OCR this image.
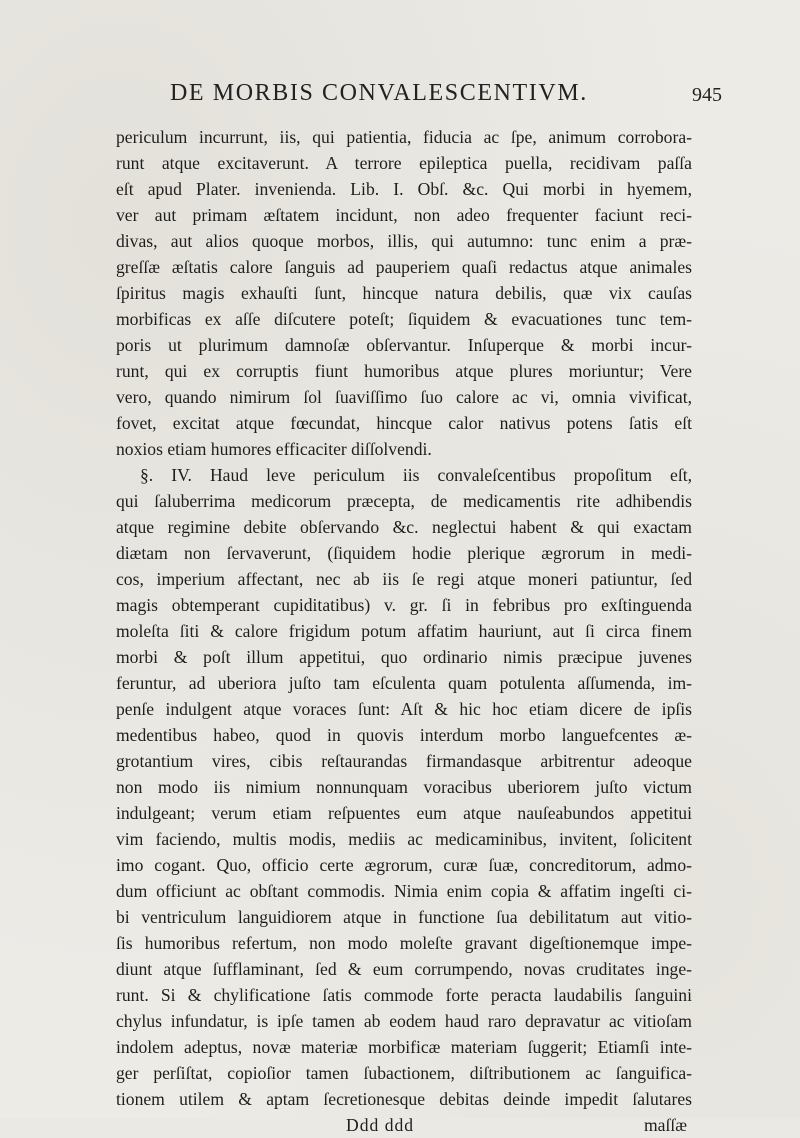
DE MORBIS CONVALESCENTIVM.	945
periculum incurrunt, iis, qui patientia, fiducia ac ſpe, animum corrobora-
runt atque excitaverunt. A terrore epileptica puella, recidivam paſſa
eſt apud Plater. invenienda. Lib. I. Obſ. &c. Qui morbi in hyemem,
ver aut primam æſtatem incidunt, non adeo frequenter faciunt reci-
divas, aut alios quoque morbos, illis, qui autumno: tunc enim a præ-
greſſæ æſtatis calore ſanguis ad pauperiem quaſi redactus atque animales
ſpiritus magis exhauſti ſunt, hincque natura debilis, quæ vix cauſas
morbificas ex aſſe diſcutere poteſt; ſiquidem & evacuationes tunc tem-
poris ut plurimum damnoſæ obſervantur. Inſuperque & morbi incur-
runt, qui ex corruptis fiunt humoribus atque plures moriuntur; Vere
vero, quando nimirum ſol ſuaviſſimo ſuo calore ac vi, omnia vivificat,
fovet, excitat atque fœcundat, hincque calor nativus potens ſatis eſt
noxios etiam humores efficaciter diſſolvendi.
§. IV. Haud leve periculum iis convaleſcentibus propoſitum eſt,
qui ſaluberrima medicorum præcepta, de medicamentis rite adhibendis
atque regimine debite obſervando &c. neglectui habent & qui exactam
diætam non ſervaverunt, (ſiquidem hodie plerique ægrorum in medi-
cos, imperium affectant, nec ab iis ſe regi atque moneri patiuntur, ſed
magis obtemperant cupiditatibus) v. gr. ſi in febribus pro exſtinguenda
moleſta ſiti & calore frigidum potum affatim hauriunt, aut ſi circa finem
morbi & poſt illum appetitui, quo ordinario nimis præcipue juvenes
feruntur, ad uberiora juſto tam eſculenta quam potulenta aſſumenda, im-
penſe indulgent atque voraces ſunt: Aſt & hic hoc etiam dicere de ipſis
medentibus habeo, quod in quovis interdum morbo languefcentes æ-
grotantium vires, cibis reſtaurandas firmandasque arbitrentur adeoque
non modo iis nimium nonnunquam voracibus uberiorem juſto victum
indulgeant; verum etiam reſpuentes eum atque nauſeabundos appetitui
vim faciendo, multis modis, mediis ac medicaminibus, invitent, ſolicitent
imo cogant. Quo, officio certe ægrorum, curæ ſuæ, concreditorum, admo-
dum officiunt ac obſtant commodis. Nimia enim copia & affatim ingeſti ci-
bi ventriculum languidiorem atque in functione ſua debilitatum aut vitio-
ſis humoribus refertum, non modo moleſte gravant digeſtionemque impe-
diunt atque ſufflaminant, ſed & eum corrumpendo, novas cruditates inge-
runt. Si & chylificatione ſatis commode forte peracta laudabilis ſanguini
chylus infundatur, is ipſe tamen ab eodem haud raro depravatur ac vitioſam
indolem adeptus, novæ materiæ morbificæ materiam ſuggerit; Etiamſi inte-
ger perſiſtat, copioſior tamen ſubactionem, diſtributionem ac ſanguifica-
tionem utilem & aptam ſecretionesque debitas deinde impedit ſalutares
Ddd ddd	maſſæ
